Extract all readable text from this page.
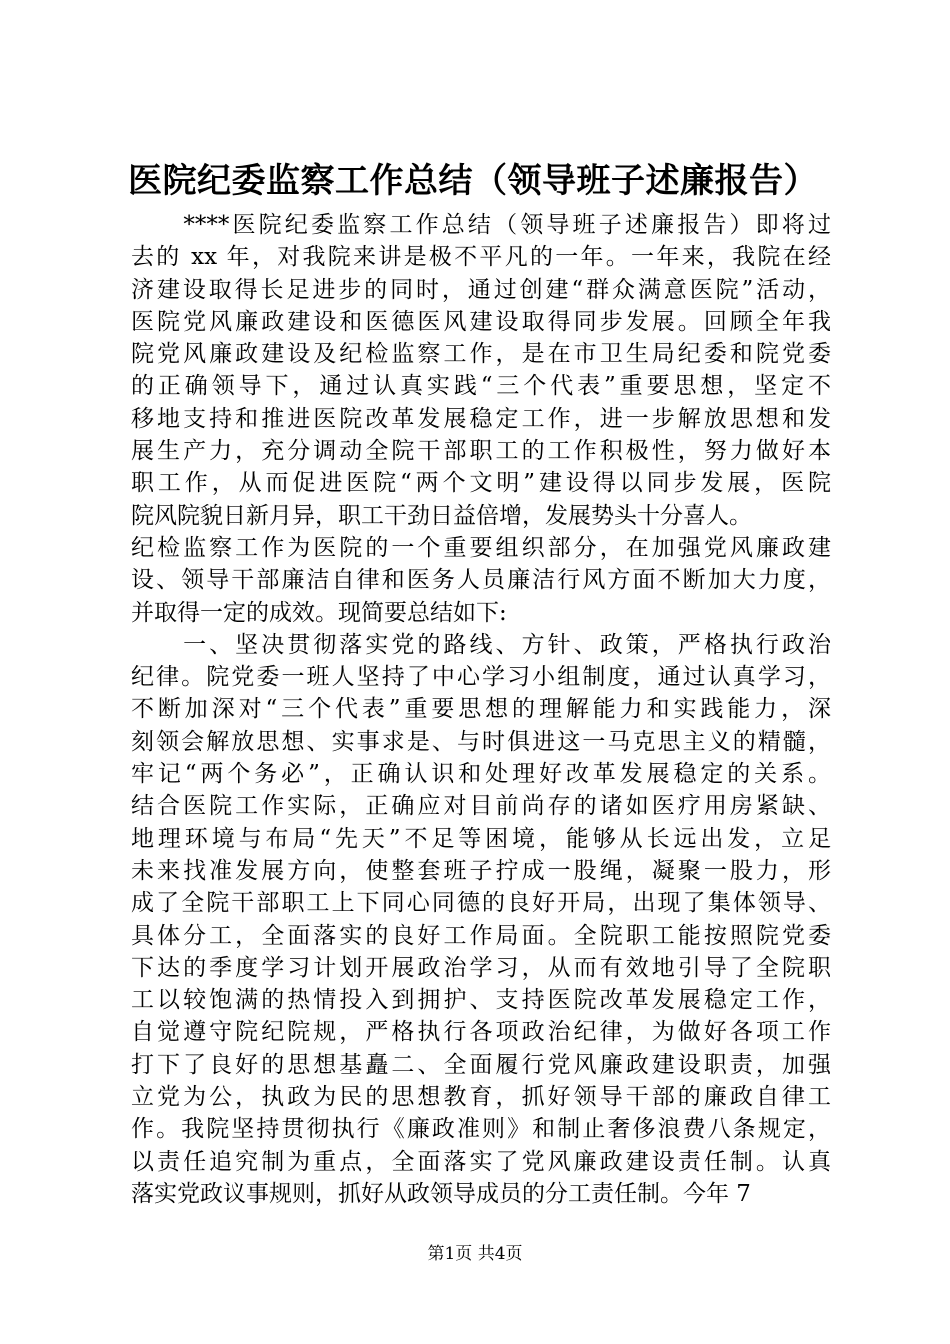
医院纪委监察工作总结（领导班子述廉报告）
　　****医院纪委监察工作总结（领导班子述廉报告）即将过
去的 xx 年，对我院来讲是极不平凡的一年。一年来，我院在经
济建设取得长足进步的同时，通过创建“群众满意医院”活动，
医院党风廉政建设和医德医风建设取得同步发展。回顾全年我
院党风廉政建设及纪检监察工作，是在市卫生局纪委和院党委
的正确领导下，通过认真实践“三个代表”重要思想，坚定不
移地支持和推进医院改革发展稳定工作，进一步解放思想和发
展生产力，充分调动全院干部职工的工作积极性，努力做好本
职工作，从而促进医院“两个文明”建设得以同步发展，医院
院风院貌日新月异，职工干劲日益倍增，发展势头十分喜人。
纪检监察工作为医院的一个重要组织部分，在加强党风廉政建
设、领导干部廉洁自律和医务人员廉洁行风方面不断加大力度，
并取得一定的成效。现简要总结如下:
　　一、坚决贯彻落实党的路线、方针、政策，严格执行政治
纪律。院党委一班人坚持了中心学习小组制度，通过认真学习，
不断加深对“三个代表”重要思想的理解能力和实践能力，深
刻领会解放思想、实事求是、与时俱进这一马克思主义的精髓，
牢记“两个务必”，正确认识和处理好改革发展稳定的关系。
结合医院工作实际，正确应对目前尚存的诸如医疗用房紧缺、
地理环境与布局“先天”不足等困境，能够从长远出发，立足
未来找准发展方向，使整套班子拧成一股绳，凝聚一股力，形
成了全院干部职工上下同心同德的良好开局，出现了集体领导、
具体分工，全面落实的良好工作局面。全院职工能按照院党委
下达的季度学习计划开展政治学习，从而有效地引导了全院职
工以较饱满的热情投入到拥护、支持医院改革发展稳定工作，
自觉遵守院纪院规，严格执行各项政治纪律，为做好各项工作
打下了良好的思想基矗二、全面履行党风廉政建设职责，加强
立党为公，执政为民的思想教育，抓好领导干部的廉政自律工
作。我院坚持贯彻执行《廉政准则》和制止奢侈浪费八条规定，
以责任追究制为重点，全面落实了党风廉政建设责任制。认真
落实党政议事规则，抓好从政领导成员的分工责任制。今年 7
第1页 共4页
